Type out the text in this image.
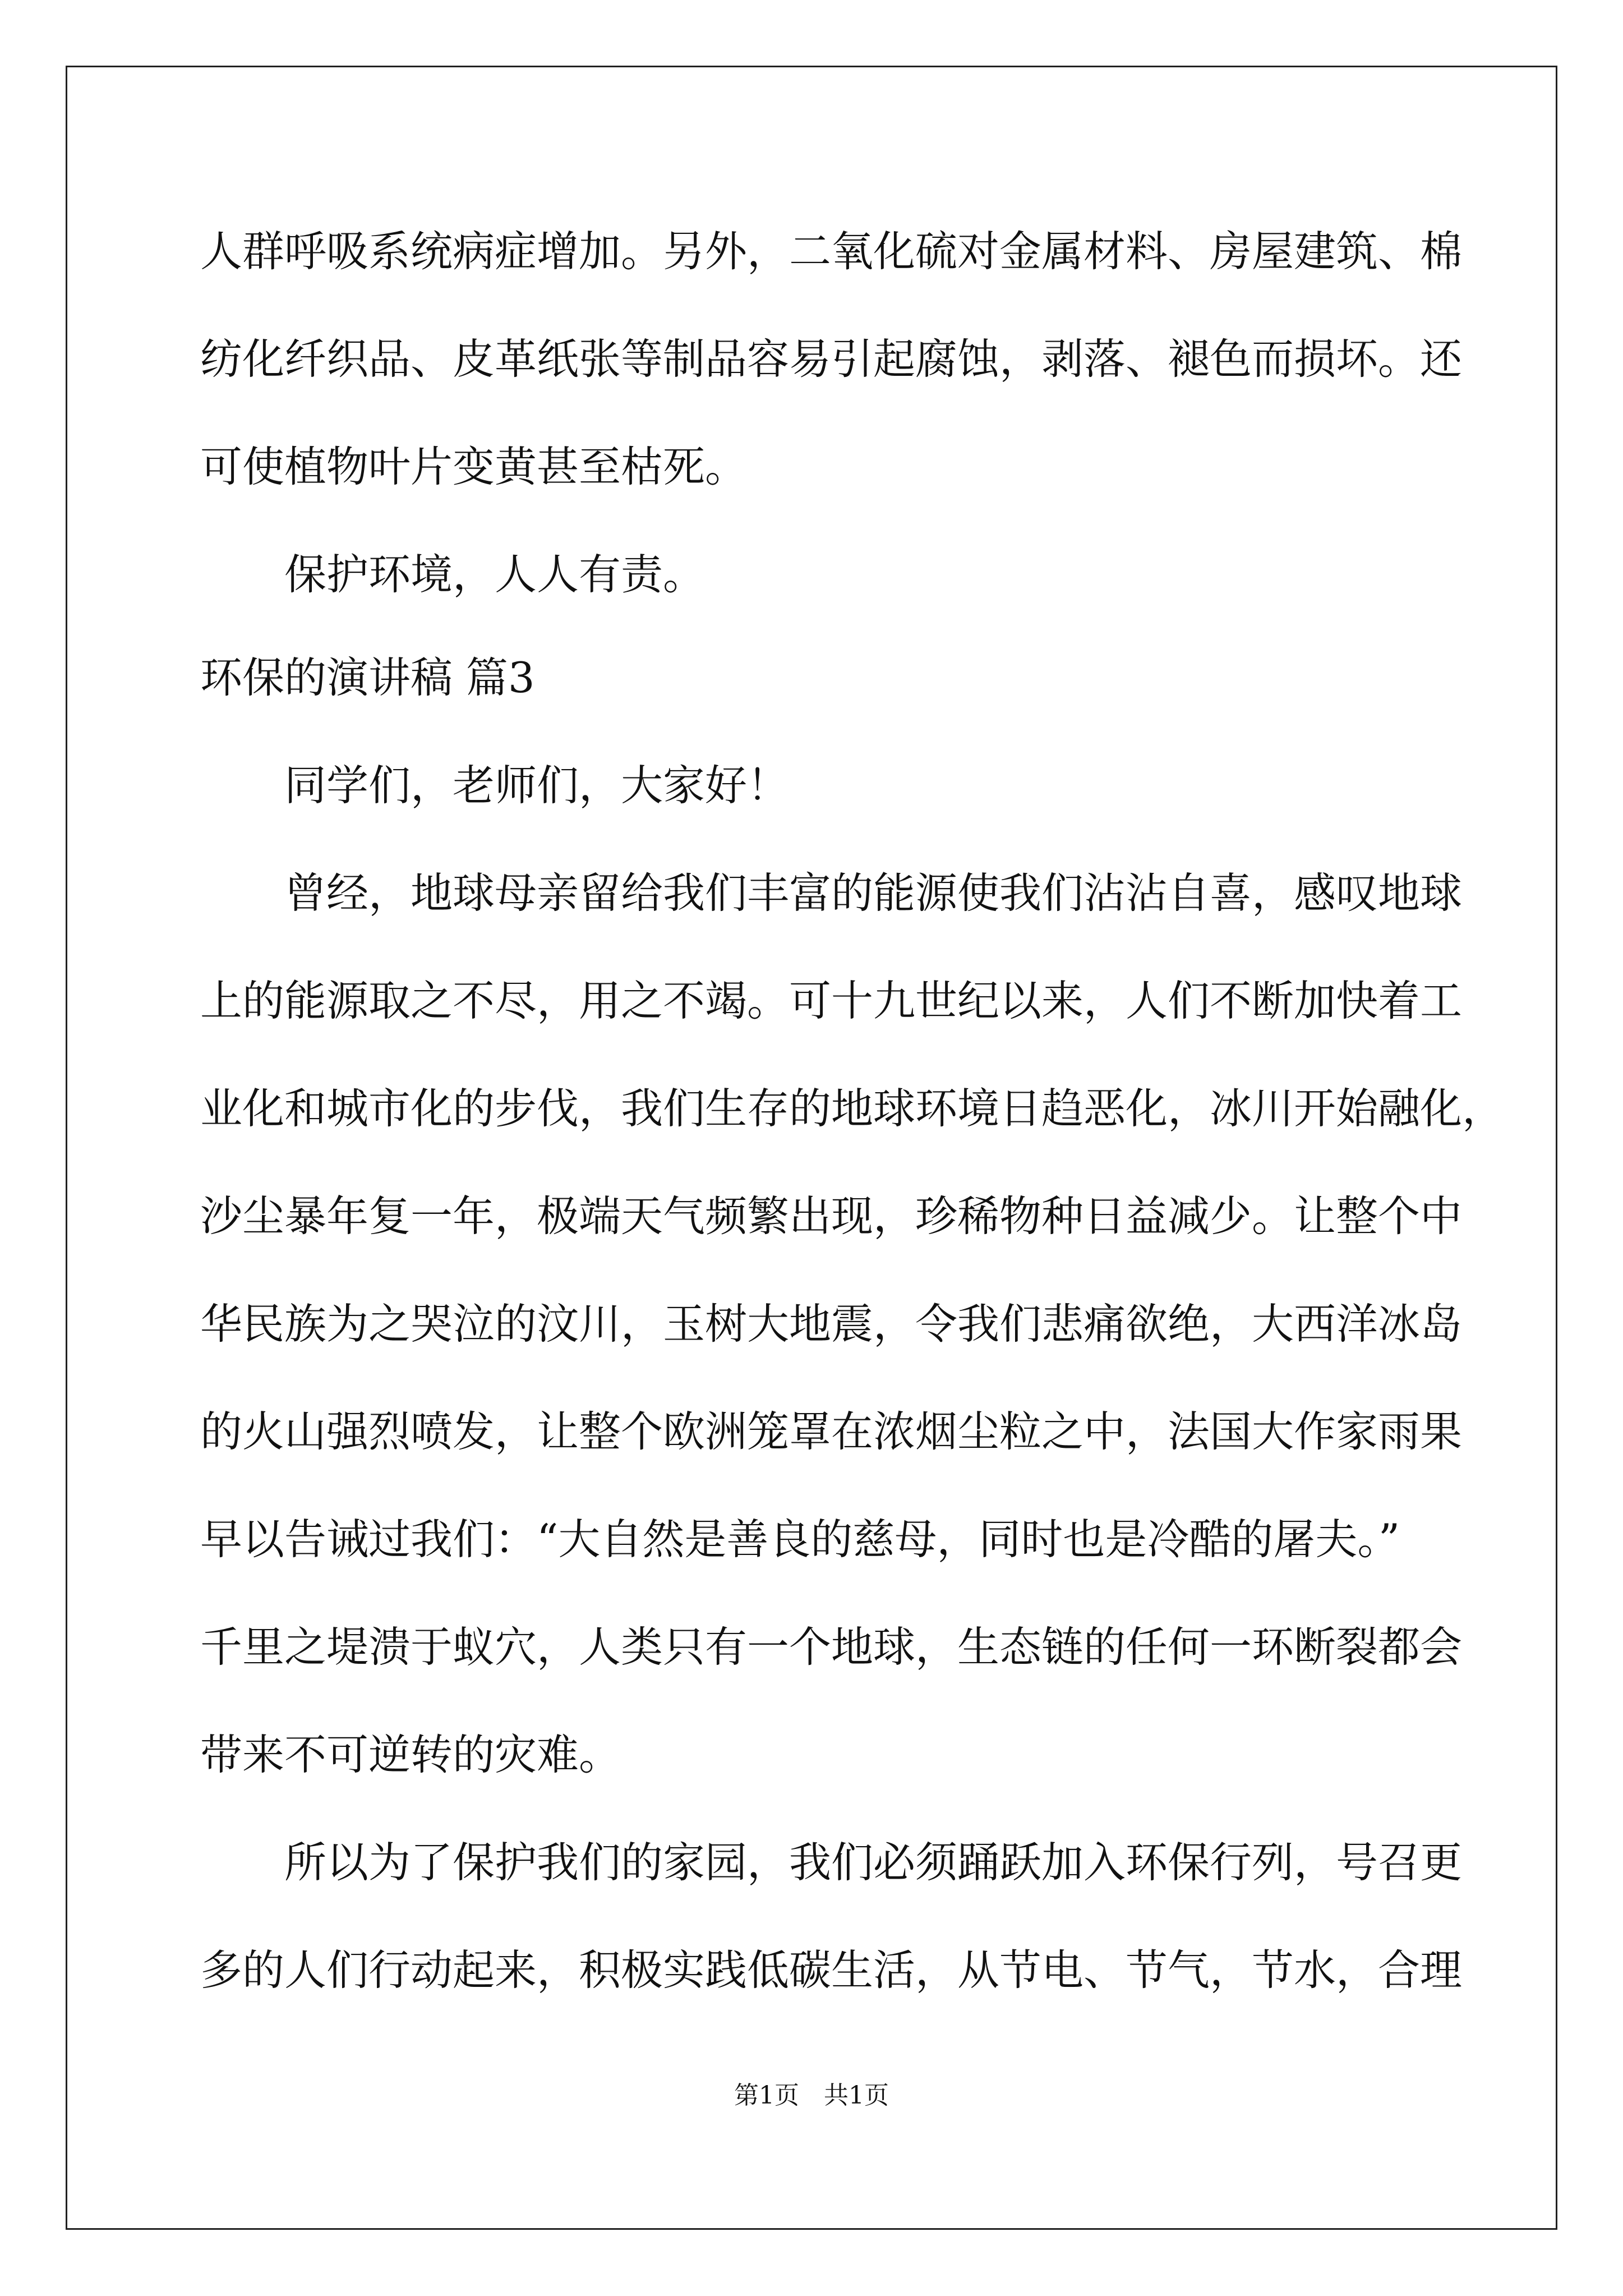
人群呼吸系统病症增加。另外，二氧化硫对金属材料、房屋建筑、棉
纺化纤织品、皮革纸张等制品容易引起腐蚀，剥落、褪色而损坏。还
可使植物叶片变黄甚至枯死。
保护环境，人人有责。
环保的演讲稿 篇3
同学们，老师们，大家好！
曾经，地球母亲留给我们丰富的能源使我们沾沾自喜，感叹地球
上的能源取之不尽，用之不竭。可十九世纪以来，人们不断加快着工
业化和城市化的步伐，我们生存的地球环境日趋恶化，冰川开始融化，
沙尘暴年复一年，极端天气频繁出现，珍稀物种日益减少。让整个中
华民族为之哭泣的汶川，玉树大地震，令我们悲痛欲绝，大西洋冰岛
的火山强烈喷发，让整个欧洲笼罩在浓烟尘粒之中，法国大作家雨果
早以告诫过我们：“大自然是善良的慈母，同时也是冷酷的屠夫。”
千里之堤溃于蚁穴，人类只有一个地球，生态链的任何一环断裂都会
带来不可逆转的灾难。
所以为了保护我们的家园，我们必须踊跃加入环保行列，号召更
多的人们行动起来，积极实践低碳生活，从节电、节气，节水，合理
第1页　共1页
